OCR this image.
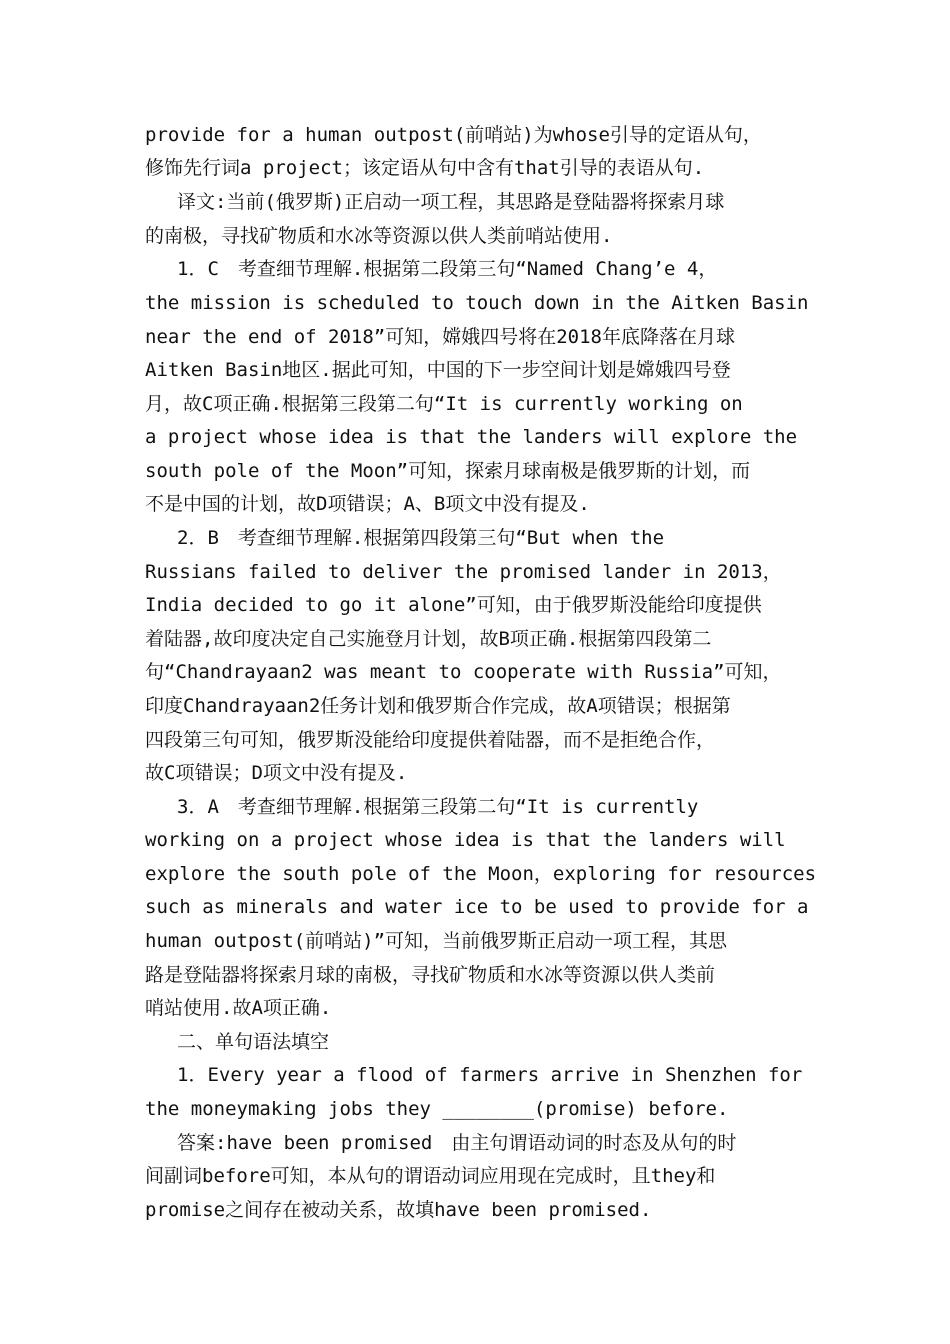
provide for a human outpost(前哨站)为whose引导的定语从句，
修饰先行词a project；该定语从句中含有that引导的表语从句.
译文:当前(俄罗斯)正启动一项工程，其思路是登陆器将探索月球
的南极，寻找矿物质和水冰等资源以供人类前哨站使用.
1．C　考查细节理解.根据第二段第三句“Named Chang’e 4，
the mission is scheduled to touch down in the Aitken Basin
near the end of 2018”可知，嫦娥四号将在2018年底降落在月球
Aitken Basin地区.据此可知，中国的下一步空间计划是嫦娥四号登
月，故C项正确.根据第三段第二句“It is currently working on
a project whose idea is that the landers will explore the
south pole of the Moon”可知，探索月球南极是俄罗斯的计划，而
不是中国的计划，故D项错误；A、B项文中没有提及.
2．B　考查细节理解.根据第四段第三句“But when the
Russians failed to deliver the promised lander in 2013，
India decided to go it alone”可知，由于俄罗斯没能给印度提供
着陆器,故印度决定自己实施登月计划，故B项正确.根据第四段第二
句“Chandrayaan2 was meant to cooperate with Russia”可知，
印度Chandrayaan2任务计划和俄罗斯合作完成，故A项错误；根据第
四段第三句可知，俄罗斯没能给印度提供着陆器，而不是拒绝合作，
故C项错误；D项文中没有提及.
3．A　考查细节理解.根据第三段第二句“It is currently
working on a project whose idea is that the landers will
explore the south pole of the Moon，exploring for resources
such as minerals and water ice to be used to provide for a
human outpost(前哨站)”可知，当前俄罗斯正启动一项工程，其思
路是登陆器将探索月球的南极，寻找矿物质和水冰等资源以供人类前
哨站使用.故A项正确.
二、单句语法填空
1．Every year a flood of farmers arrive in Shenzhen for
the moneymaking jobs they ________(promise) before.
答案:have been promised　由主句谓语动词的时态及从句的时
间副词before可知，本从句的谓语动词应用现在完成时，且they和
promise之间存在被动关系，故填have been promised.
